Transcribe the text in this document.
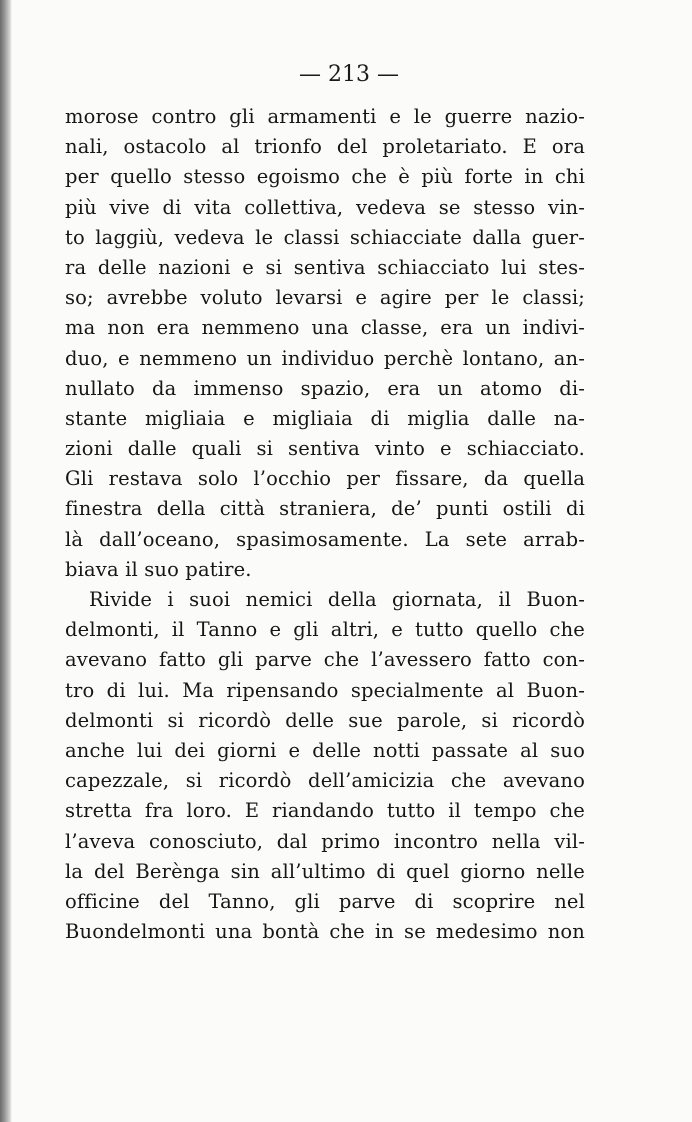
— 213 —
morose contro gli armamenti e le guerre nazio-
nali, ostacolo al trionfo del proletariato. E ora
per quello stesso egoismo che è più forte in chi
più vive di vita collettiva, vedeva se stesso vin-
to laggiù, vedeva le classi schiacciate dalla guer-
ra delle nazioni e si sentiva schiacciato lui stes-
so; avrebbe voluto levarsi e agire per le classi;
ma non era nemmeno una classe, era un indivi-
duo, e nemmeno un individuo perchè lontano, an-
nullato da immenso spazio, era un atomo di-
stante migliaia e migliaia di miglia dalle na-
zioni dalle quali si sentiva vinto e schiacciato.
Gli restava solo l’occhio per fissare, da quella
finestra della città straniera, de’ punti ostili di
là dall’oceano, spasimosamente. La sete arrab-
biava il suo patire.
Rivide i suoi nemici della giornata, il Buon-
delmonti, il Tanno e gli altri, e tutto quello che
avevano fatto gli parve che l’avessero fatto con-
tro di lui. Ma ripensando specialmente al Buon-
delmonti si ricordò delle sue parole, si ricordò
anche lui dei giorni e delle notti passate al suo
capezzale, si ricordò dell’amicizia che avevano
stretta fra loro. E riandando tutto il tempo che
l’aveva conosciuto, dal primo incontro nella vil-
la del Berènga sin all’ultimo di quel giorno nelle
officine del Tanno, gli parve di scoprire nel
Buondelmonti una bontà che in se medesimo non
